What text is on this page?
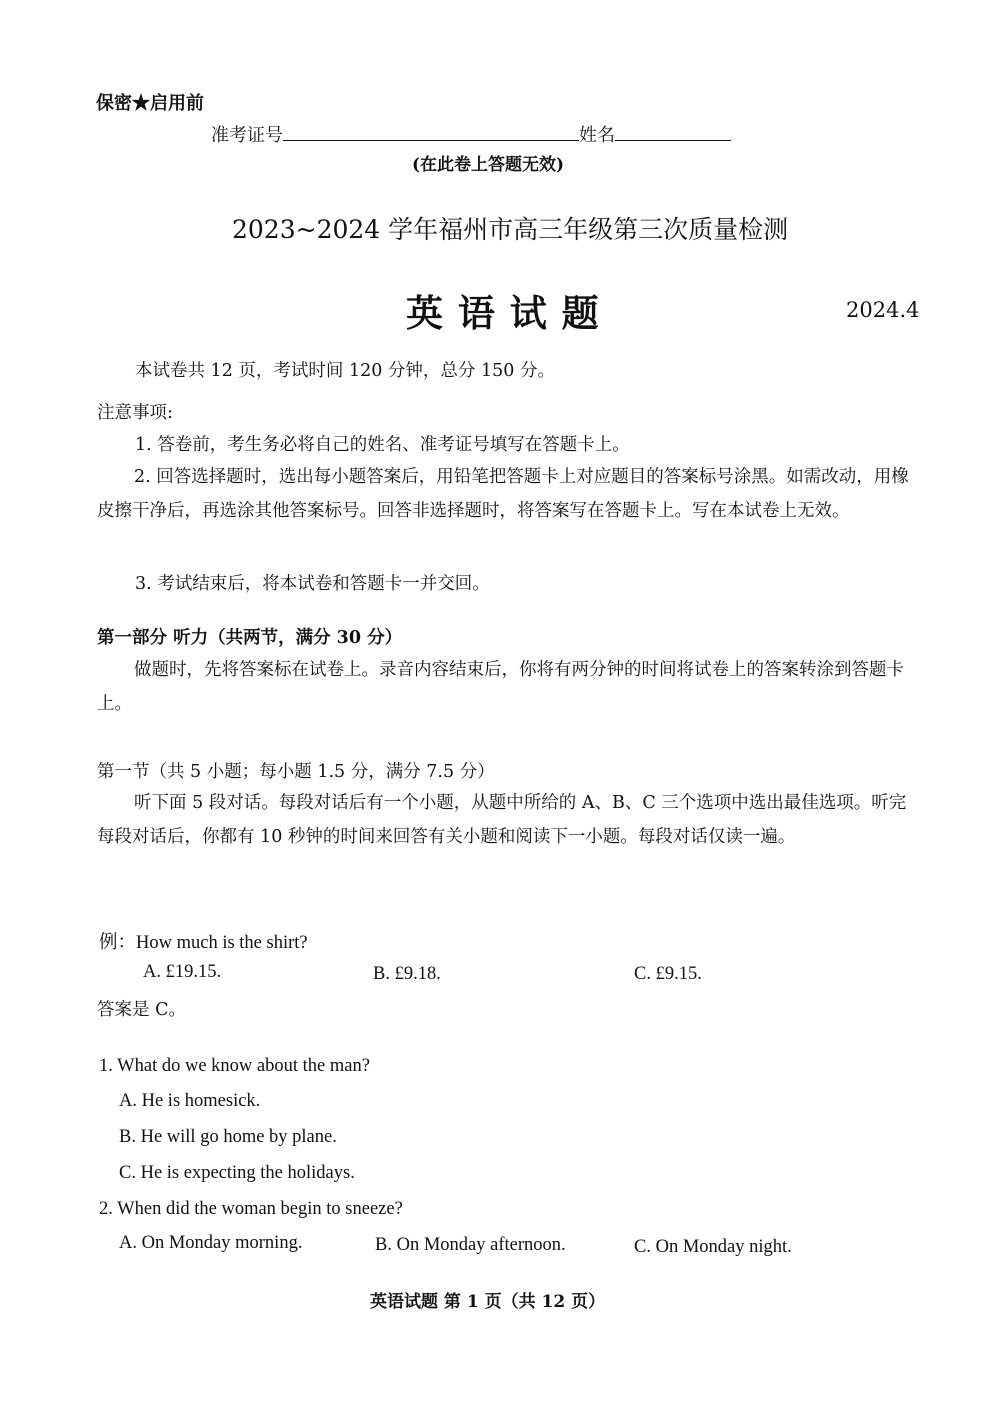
保密★启用前
准考证号	姓名
(在此卷上答题无效)
2023~2024 学年福州市高三年级第三次质量检测
英 语 试 题	2024.4
本试卷共 12 页，考试时间 120 分钟，总分 150 分。
注意事项:
1. 答卷前，考生务必将自己的姓名、准考证号填写在答题卡上。
2. 回答选择题时，选出每小题答案后，用铅笔把答题卡上对应题目的答案标号涂黑。如需改动，用橡皮擦干净后，再选涂其他答案标号。回答非选择题时，将答案写在答题卡上。写在本试卷上无效。
3. 考试结束后，将本试卷和答题卡一并交回。
第一部分 听力（共两节，满分 30 分）
做题时，先将答案标在试卷上。录音内容结束后，你将有两分钟的时间将试卷上的答案转涂到答题卡上。
第一节（共 5 小题；每小题 1.5 分，满分 7.5 分）
听下面 5 段对话。每段对话后有一个小题，从题中所给的 A、B、C 三个选项中选出最佳选项。听完每段对话后，你都有 10 秒钟的时间来回答有关小题和阅读下一小题。每段对话仅读一遍。
例：How much is the shirt?
A. £19.15.	B. £9.18.	C. £9.15.
答案是 C。
1. What do we know about the man?
A. He is homesick.
B. He will go home by plane.
C. He is expecting the holidays.
2. When did the woman begin to sneeze?
A. On Monday morning.	B. On Monday afternoon.	C. On Monday night.
英语试题 第 1 页（共 12 页）
